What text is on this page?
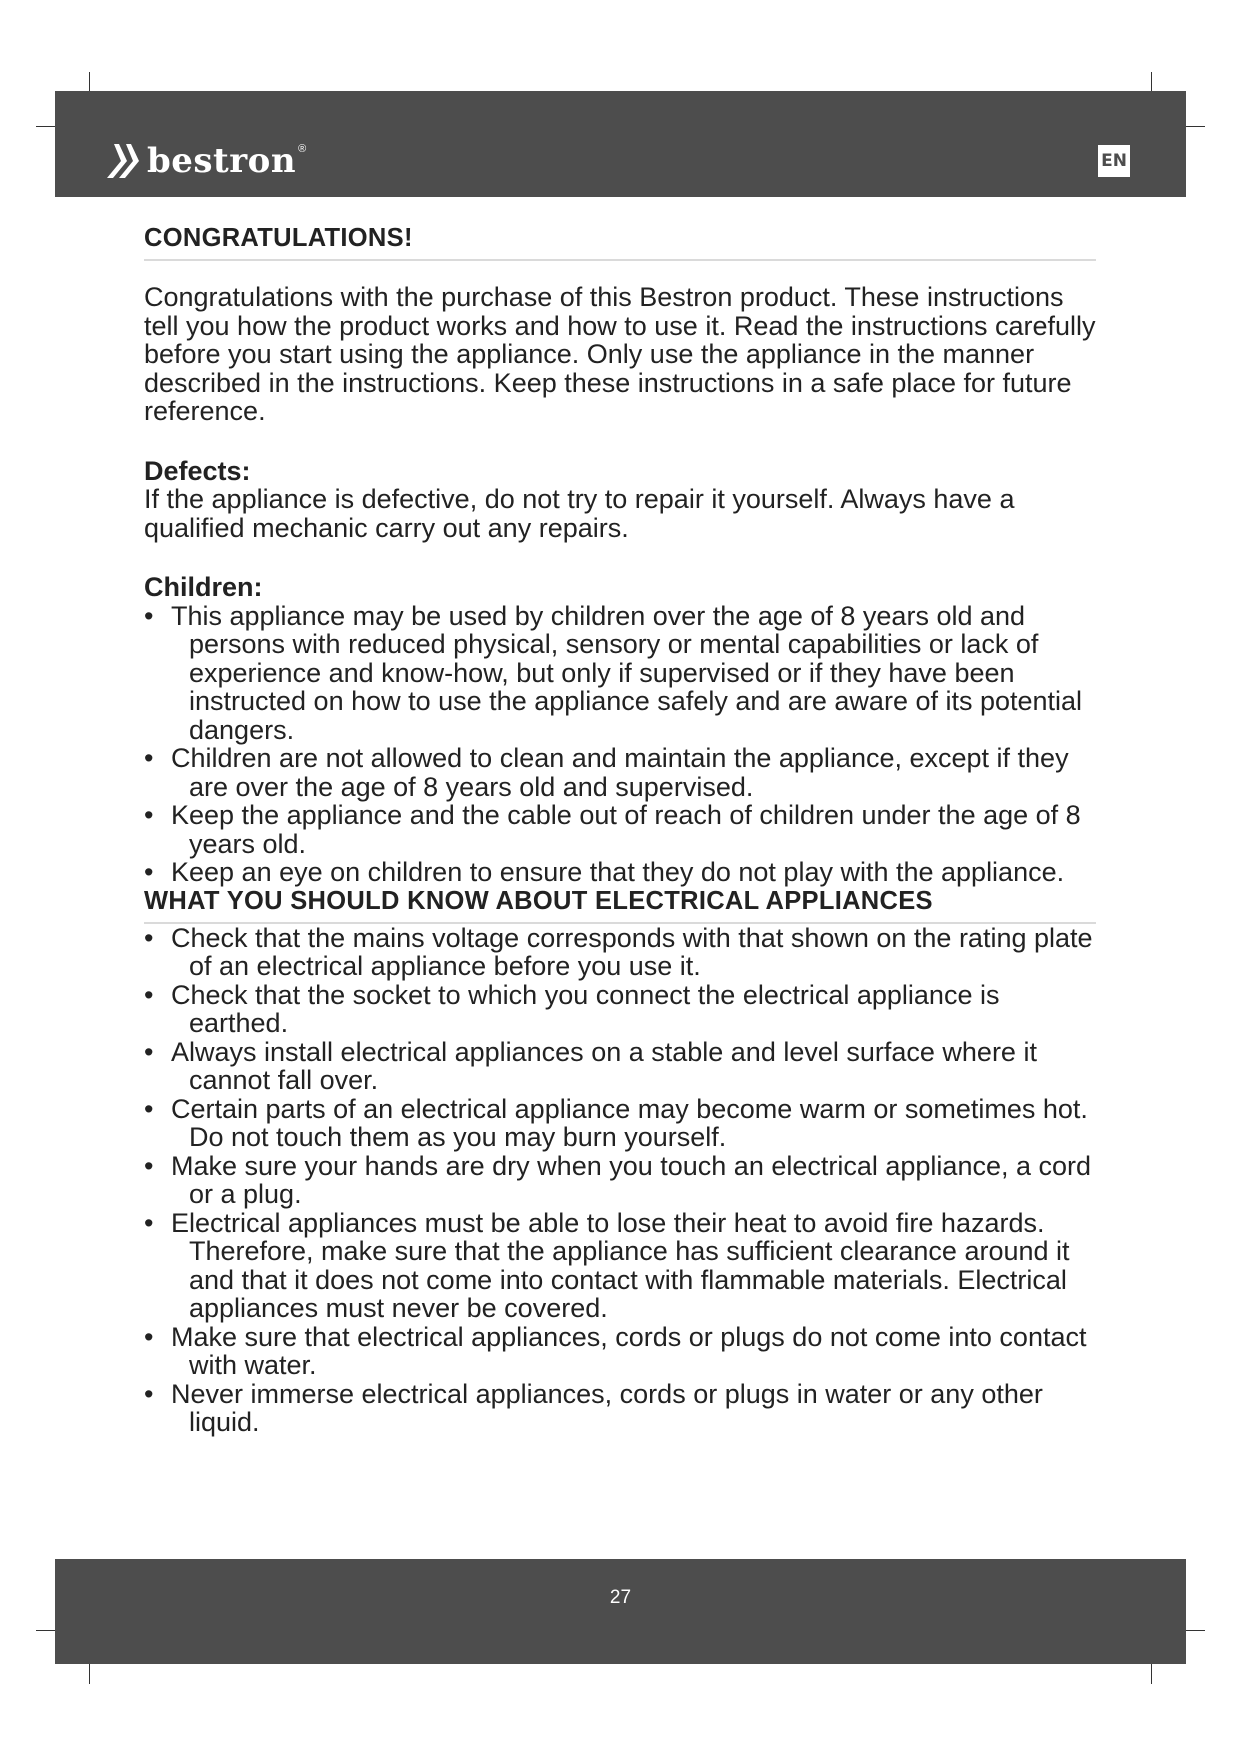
bestron ®
EN
CONGRATULATIONS!

Congratulations with the purchase of this Bestron product. These instructions tell you how the product works and how to use it. Read the instructions carefully before you start using the appliance. Only use the appliance in the manner described in the instructions. Keep these instructions in a safe place for future reference.

Defects:

If the appliance is defective, do not try to repair it yourself. Always have a qualified mechanic carry out any repairs.

Children:
• This appliance may be used by children over the age of 8 years old and persons with reduced physical, sensory or mental capabilities or lack of experience and know-how, but only if supervised or if they have been instructed on how to use the appliance safely and are aware of its potential dangers.
• Children are not allowed to clean and maintain the appliance, except if they are over the age of 8 years old and supervised.
• Keep the appliance and the cable out of reach of children under the age of 8 years old.
• Keep an eye on children to ensure that they do not play with the appliance.
WHAT YOU SHOULD KNOW ABOUT ELECTRICAL APPLIANCES
• Check that the mains voltage corresponds with that shown on the rating plate of an electrical appliance before you use it.
• Check that the socket to which you connect the electrical appliance is earthed.
• Always install electrical appliances on a stable and level surface where it cannot fall over.
• Certain parts of an electrical appliance may become warm or sometimes hot. Do not touch them as you may burn yourself.
• Make sure your hands are dry when you touch an electrical appliance, a cord or a plug.
• Electrical appliances must be able to lose their heat to avoid fire hazards. Therefore, make sure that the appliance has sufficient clearance around it and that it does not come into contact with flammable materials. Electrical appliances must never be covered.
• Make sure that electrical appliances, cords or plugs do not come into contact with water.
• Never immerse electrical appliances, cords or plugs in water or any other liquid.
27
